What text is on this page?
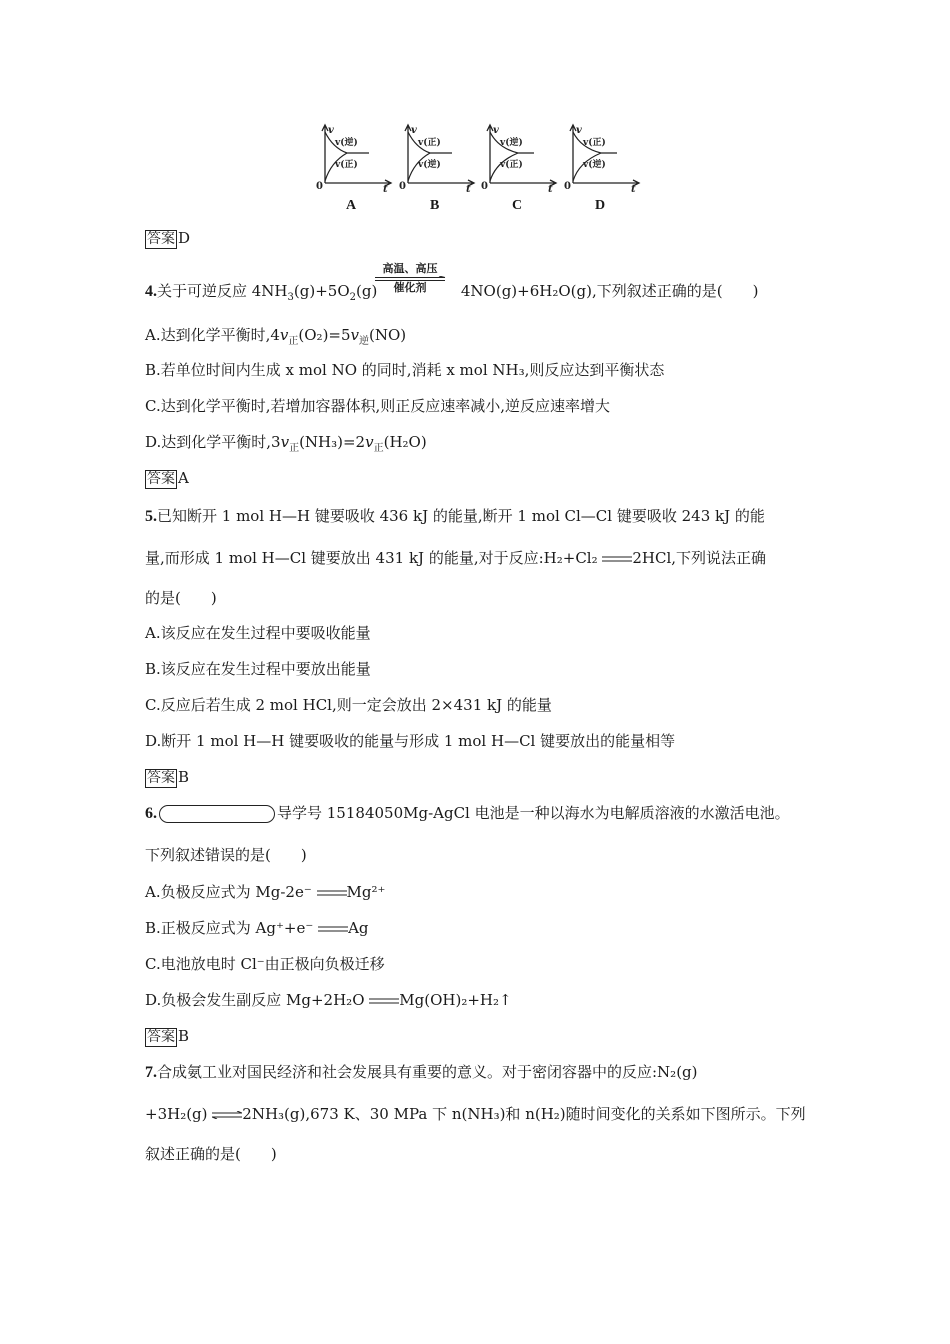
v
t
0
v(逆)
v(正)
v
t
0
v(正)
v(逆)
v
t
0
v(逆)
v(正)
v
t
0
v(正)
v(逆)
A	B	C	D
答案 D
高温、高压
催化剂
4.关于可逆反应 $4NH_3(g)+5O_2(g)$	4NO(g)+6H₂O(g),下列叙述正确的是(　　)
A.达到化学平衡时$,4v_正(O_2)=5v_逆(NO)$
B.若单位时间内生成 x mol NO 的同时,消耗 x mol NH₃,则反应达到平衡状态
C.达到化学平衡时,若增加容器体积,则正反应速率减小,逆反应速率增大
D.达到化学平衡时$,3v_正(NH_3)=2v_正(H_2O)$
答案 A
5.已知断开 1 mol H—H 键要吸收 436 kJ 的能量,断开 1 mol Cl—Cl 键要吸收 243 kJ 的能
量,而形成 1 mol H—Cl 键要放出 431 kJ 的能量,对于反应:H₂+Cl₂ 2HCl,下列说法正确
的是(　　)
A.该反应在发生过程中要吸收能量
B.该反应在发生过程中要放出能量
C.反应后若生成 2 mol HCl,则一定会放出 2×431 kJ 的能量
D.断开 1 mol H—H 键要吸收的能量与形成 1 mol H—Cl 键要放出的能量相等
答案 B
6.	导学号 15184050Mg-AgCl 电池是一种以海水为电解质溶液的水激活电池。
下列叙述错误的是(　　)
A.负极反应式为 Mg-2e⁻ Mg²⁺
B.正极反应式为 Ag⁺+e⁻ Ag
C.电池放电时 Cl⁻由正极向负极迁移
D.负极会发生副反应 Mg+2H₂O Mg(OH)₂+H₂↑
答案 B
7.合成氨工业对国民经济和社会发展具有重要的意义。对于密闭容器中的反应:N₂(g)
+3H₂(g) ⇌2NH₃(g),673 K、30 MPa 下 n(NH₃)和 n(H₂)随时间变化的关系如下图所示。下列
叙述正确的是(　　)
